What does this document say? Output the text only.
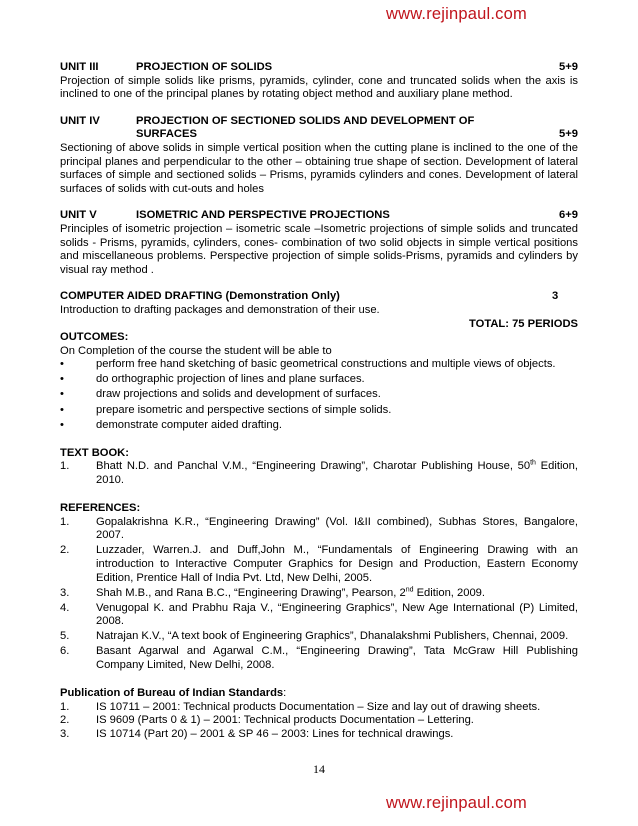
www.rejinpaul.com
UNIT III	PROJECTION OF SOLIDS	5+9

Projection of simple solids like prisms, pyramids, cylinder, cone and truncated solids when the axis is inclined to one of the principal planes by rotating object method and auxiliary plane method.

UNIT IV	PROJECTION OF SECTIONED SOLIDS AND DEVELOPMENT OF
SURFACES	5+9

Sectioning of above solids in simple vertical position when the cutting plane is inclined to the one of the principal planes and perpendicular to the other – obtaining true shape of section. Development of lateral surfaces of simple and sectioned solids – Prisms, pyramids cylinders and cones. Development of lateral surfaces of solids with cut-outs and holes

UNIT V	ISOMETRIC AND PERSPECTIVE PROJECTIONS	6+9

Principles of isometric projection – isometric scale –Isometric projections of simple solids and truncated solids - Prisms, pyramids, cylinders, cones- combination of two solid objects in simple vertical positions and miscellaneous problems. Perspective projection of simple solids-Prisms, pyramids and cylinders by visual ray method .

COMPUTER AIDED DRAFTING (Demonstration Only)	3

Introduction to drafting packages and demonstration of their use.

TOTAL: 75 PERIODS

OUTCOMES:

On Completion of the course the student will be able to

•	perform free hand sketching of basic geometrical constructions and multiple views of objects.
•	do orthographic projection of lines and plane surfaces.
•	draw projections and solids and development of surfaces.
•	prepare isometric and perspective sections of simple solids.
•	demonstrate computer aided drafting.

TEXT BOOK:

1.	Bhatt N.D. and Panchal V.M., “Engineering Drawing”, Charotar Publishing House, 50th Edition, 2010.

REFERENCES:

1.	Gopalakrishna K.R., “Engineering Drawing” (Vol. I&II combined), Subhas Stores, Bangalore, 2007.
2.	Luzzader, Warren.J. and Duff,John M., “Fundamentals of Engineering Drawing with an introduction to Interactive Computer Graphics for Design and Production, Eastern Economy Edition, Prentice Hall of India Pvt. Ltd, New Delhi, 2005.
3.	Shah M.B., and Rana B.C., “Engineering Drawing”, Pearson, 2nd Edition, 2009.
4.	Venugopal K. and Prabhu Raja V., “Engineering Graphics”, New Age International (P) Limited, 2008.
5.	Natrajan K.V., “A text book of Engineering Graphics”, Dhanalakshmi Publishers, Chennai, 2009.
6.	Basant Agarwal and Agarwal C.M., “Engineering Drawing”, Tata McGraw Hill Publishing Company Limited, New Delhi, 2008.

Publication of Bureau of Indian Standards:

1.	IS 10711 – 2001: Technical products Documentation – Size and lay out of drawing sheets.
2.	IS 9609 (Parts 0 & 1) – 2001: Technical products Documentation – Lettering.
3.	IS 10714 (Part 20) – 2001 & SP 46 – 2003: Lines for technical drawings.
14
www.rejinpaul.com
